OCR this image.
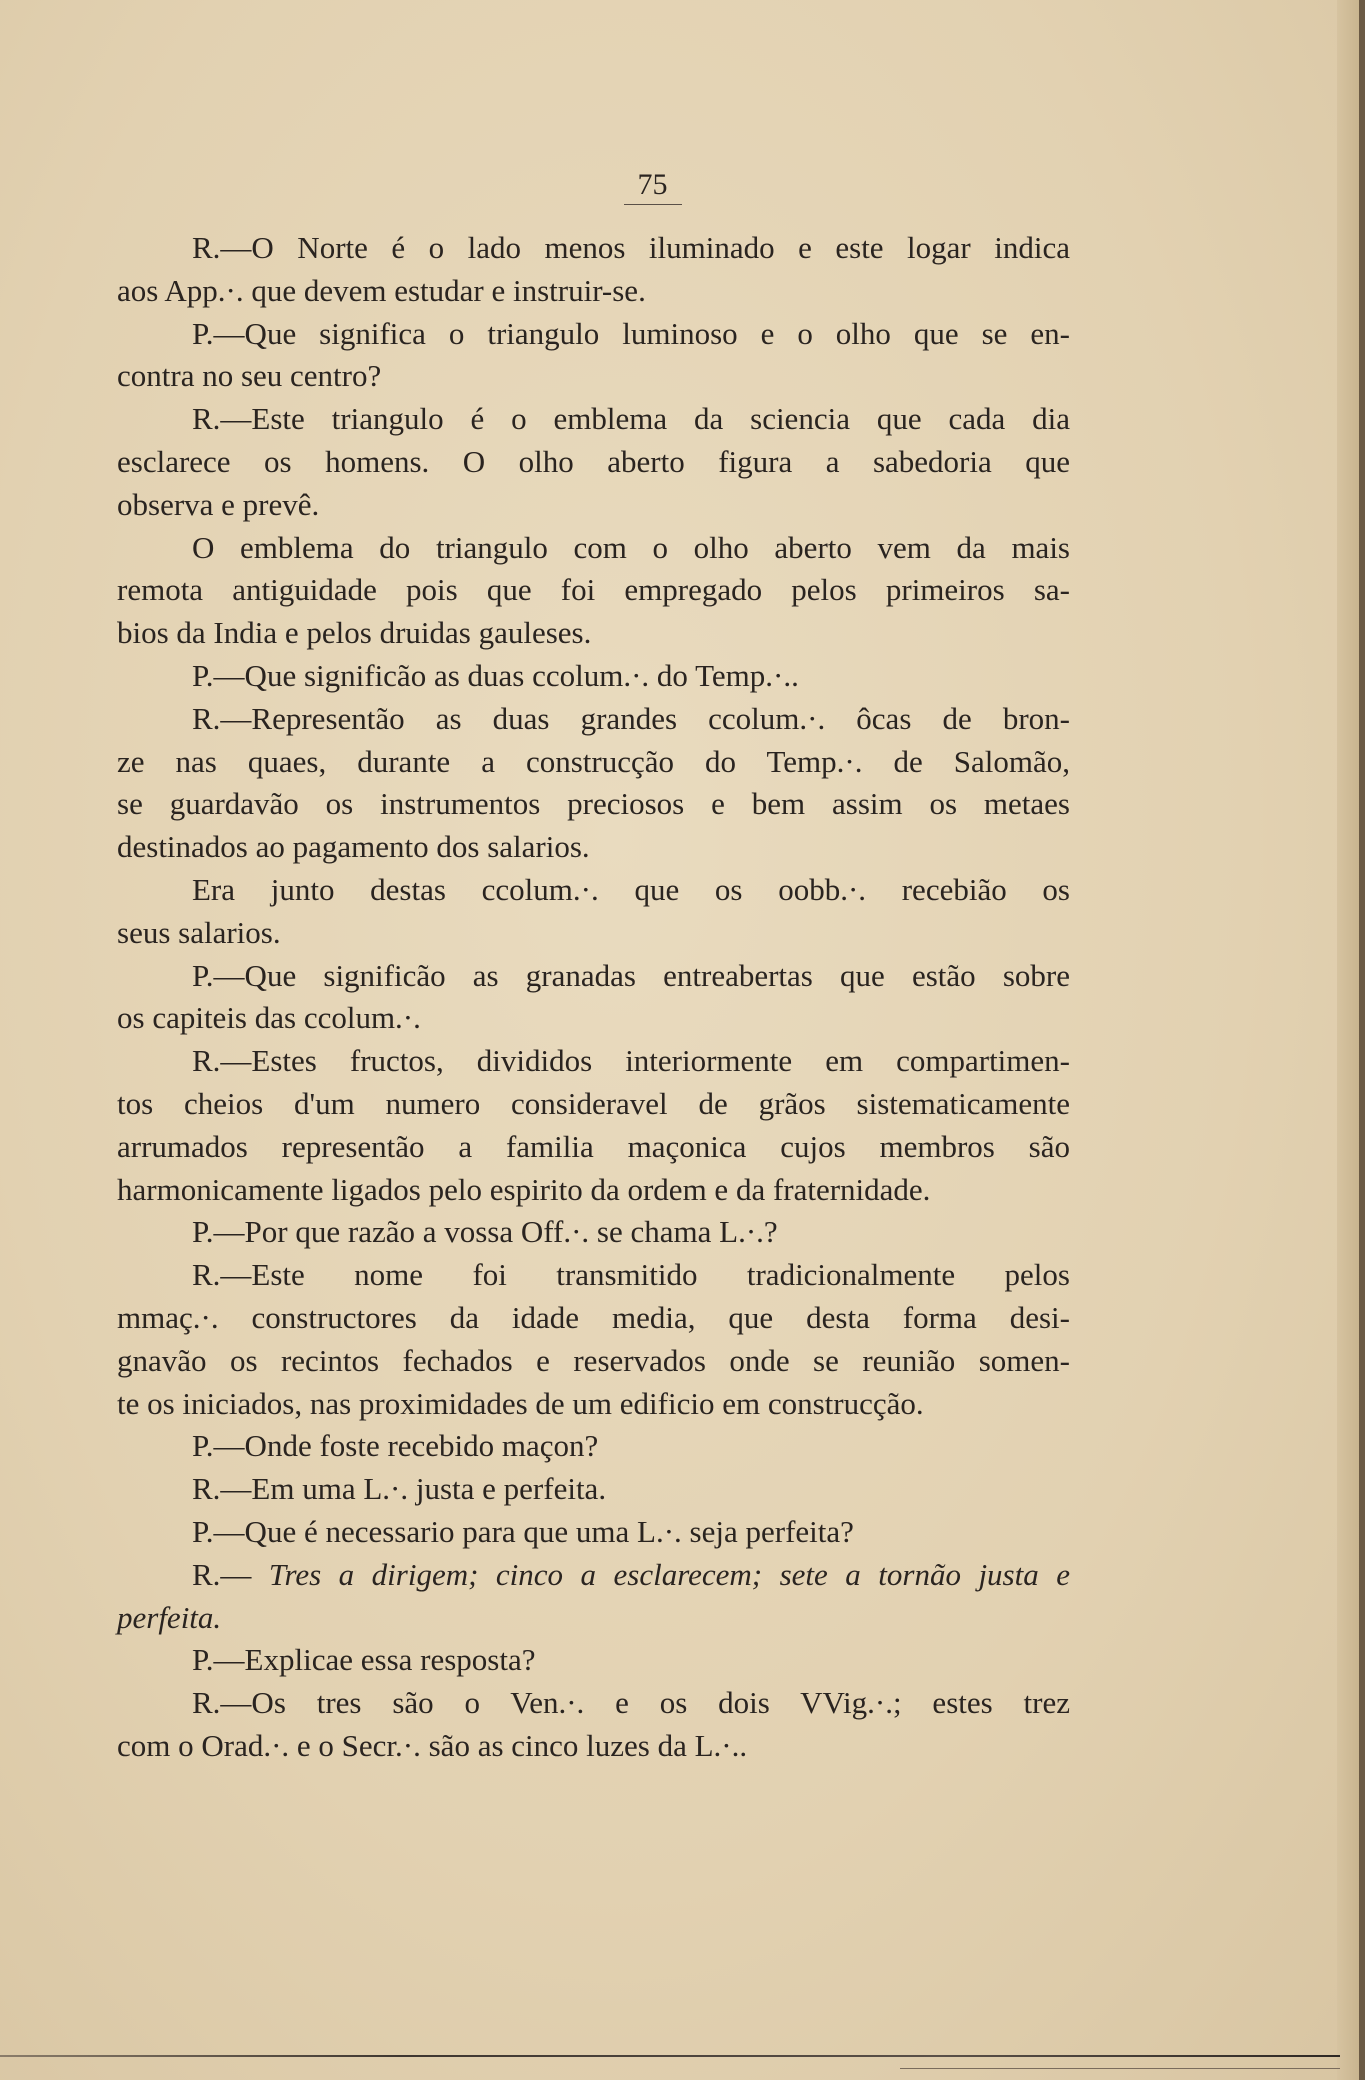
75
R.—O Norte é o lado menos iluminado e este logar indica
aos App.·. que devem estudar e instruir-se.
P.—Que significa o triangulo luminoso e o olho que se en-
contra no seu centro?
R.—Este triangulo é o emblema da sciencia que cada dia
esclarece os homens. O olho aberto figura a sabedoria que
observa e prevê.
O emblema do triangulo com o olho aberto vem da mais
remota antiguidade pois que foi empregado pelos primeiros sa-
bios da India e pelos druidas gauleses.
P.—Que significão as duas ccolum.·. do Temp.·..
R.—Representão as duas grandes ccolum.·. ôcas de bron-
ze nas quaes, durante a construcção do Temp.·. de Salomão,
se guardavão os instrumentos preciosos e bem assim os metaes
destinados ao pagamento dos salarios.
Era junto destas ccolum.·. que os oobb.·. recebião os
seus salarios.
P.—Que significão as granadas entreabertas que estão sobre
os capiteis das ccolum.·.
R.—Estes fructos, divididos interiormente em compartimen-
tos cheios d'um numero consideravel de grãos sistematicamente
arrumados representão a familia maçonica cujos membros são
harmonicamente ligados pelo espirito da ordem e da fraternidade.
P.—Por que razão a vossa Off.·. se chama L.·.?
R.—Este nome foi transmitido tradicionalmente pelos
mmaç.·. constructores da idade media, que desta forma desi-
gnavão os recintos fechados e reservados onde se reunião somen-
te os iniciados, nas proximidades de um edificio em construcção.
P.—Onde foste recebido maçon?
R.—Em uma L.·. justa e perfeita.
P.—Que é necessario para que uma L.·. seja perfeita?
R.— Tres a dirigem; cinco a esclarecem; sete a tornão justa e
perfeita.
P.—Explicae essa resposta?
R.—Os tres são o Ven.·. e os dois VVig.·.; estes trez
com o Orad.·. e o Secr.·. são as cinco luzes da L.·..
